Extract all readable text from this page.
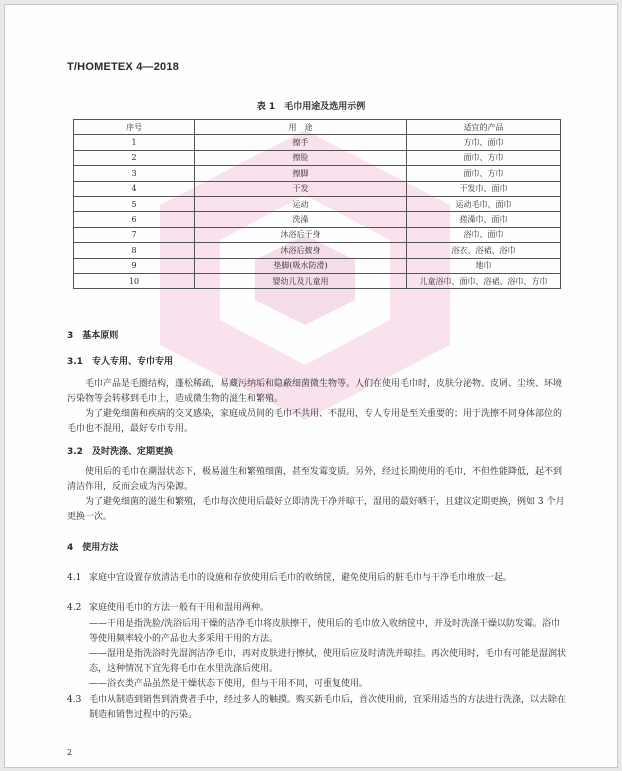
T/HOMETEX 4—2018
表 1　毛巾用途及选用示例
序号	用　途	适宜的产品
1	擦手	方巾、面巾
2	擦脸	面巾、方巾
3	擦脚	面巾、方巾
4	干发	干发巾、面巾
5	运动	运动毛巾、面巾
6	洗澡	搓澡巾、面巾
7	沐浴后干身	浴巾、面巾
8	沐浴后披身	浴衣、浴裙、浴巾
9	垫脚(吸水防滑)	地巾
10	婴幼儿及儿童用	儿童浴巾、面巾、浴裙、浴巾、方巾

3　基本原则

3.1　专人专用、专巾专用

毛巾产品是毛圈结构，蓬松稀疏，易藏污纳垢和隐蔽细菌微生物等。人们在使用毛巾时，皮肤分泌物、皮屑、尘埃、环境污染物等会转移到毛巾上，造成微生物的滋生和繁殖。

为了避免细菌和疾病的交叉感染，家庭成员间的毛巾不共用、不混用，专人专用是至关重要的；用于洗擦不同身体部位的毛巾也不混用，最好专巾专用。

3.2　及时洗涤、定期更换

使用后的毛巾在潮湿状态下，极易滋生和繁殖细菌，甚至发霉变质。另外，经过长期使用的毛巾，不但性能降低，起不到清洁作用，反而会成为污染源。

为了避免细菌的滋生和繁殖，毛巾每次使用后最好立即清洗干净并晾干，湿用的最好晒干，且建议定期更换，例如 3 个月更换一次。

4　使用方法

4.1 家庭中宜设置存放清洁毛巾的设施和存放使用后毛巾的收纳筐，避免使用后的脏毛巾与干净毛巾堆放一起。

4.2 家庭使用毛巾的方法一般有干用和湿用两种。

——干用是指洗脸/洗浴后用干燥的洁净毛巾将皮肤擦干，使用后的毛巾放入收纳筐中，并及时洗涤干燥以防发霉。浴巾等使用频率较小的产品也大多采用干用的方法。

——湿用是指洗浴时先湿润洁净毛巾，再对皮肤进行擦拭，使用后应及时清洗并晾挂。再次使用时，毛巾有可能是湿润状态，这种情况下宜先将毛巾在水里洗涤后使用。

——浴衣类产品虽然是干燥状态下使用，但与干用不同，可重复使用。

4.3 毛巾从制造到销售到消费者手中，经过多人的触摸。购买新毛巾后，首次使用前，宜采用适当的方法进行洗涤，以去除在制造和销售过程中的污染。

2
